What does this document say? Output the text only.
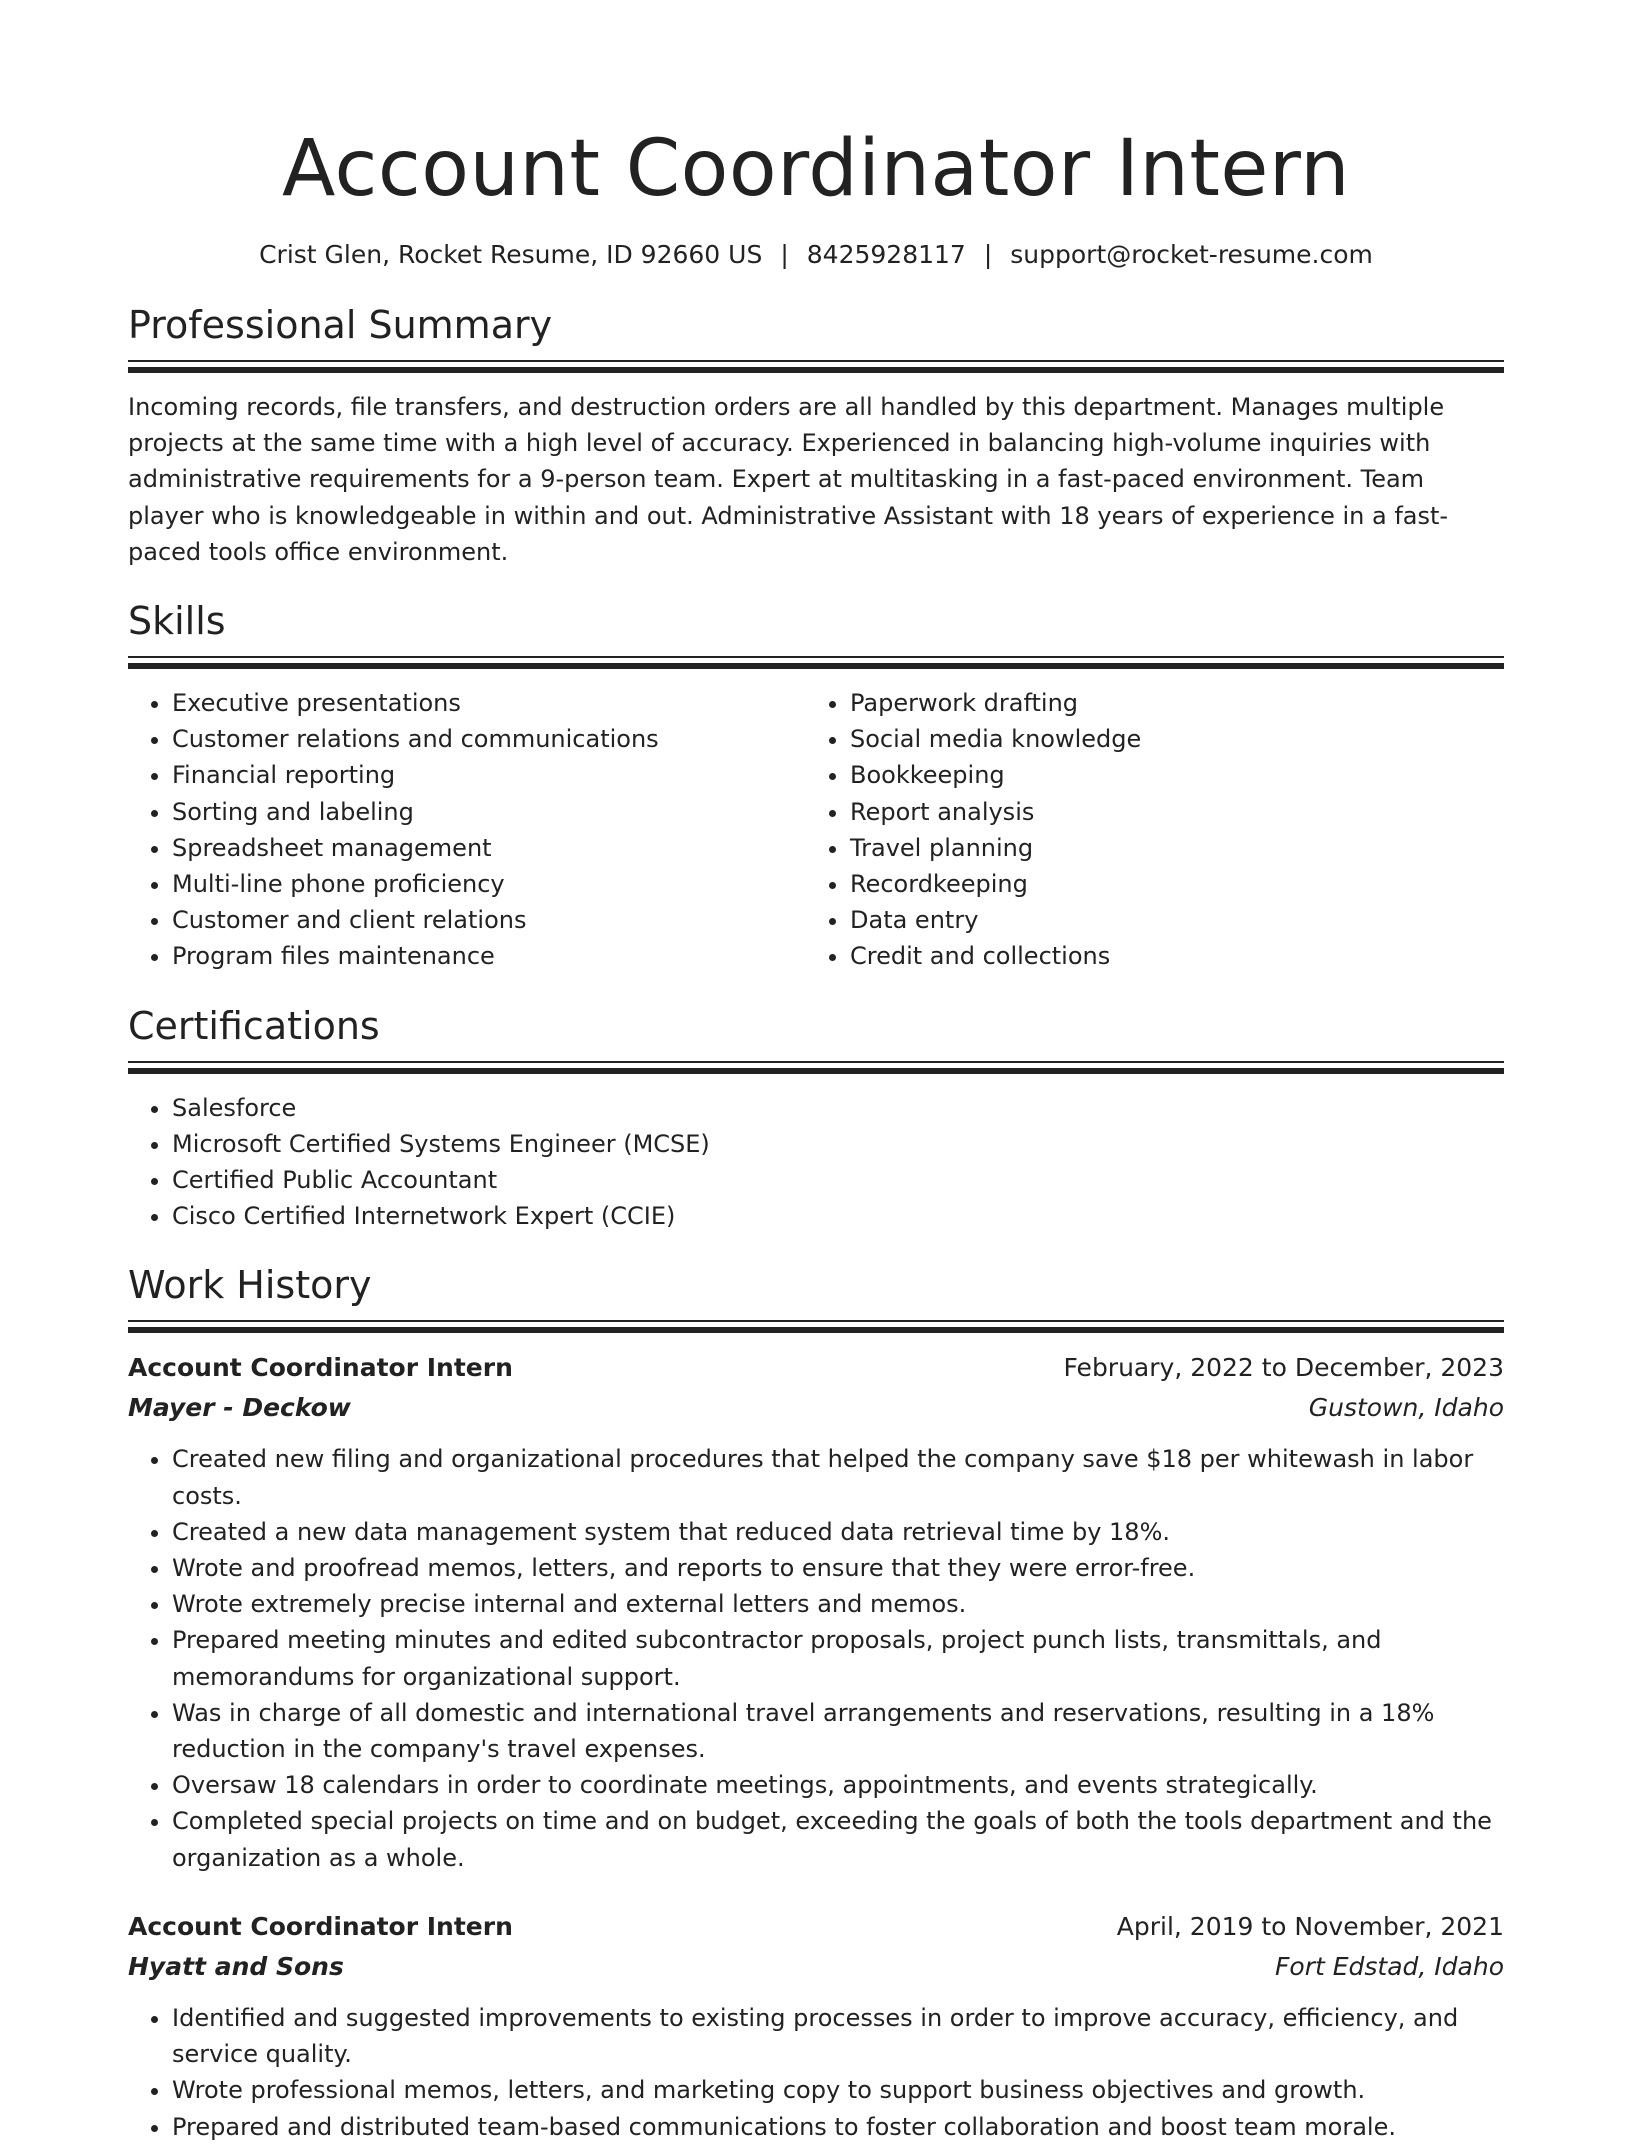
Account Coordinator Intern
Crist Glen, Rocket Resume, ID 92660 US | 8425928117 | support@rocket-resume.com
Professional Summary

Incoming records, file transfers, and destruction orders are all handled by this department. Manages multiple projects at the same time with a high level of accuracy. Experienced in balancing high-volume inquiries with administrative requirements for a 9-person team. Expert at multitasking in a fast-paced environment. Team player who is knowledgeable in within and out. Administrative Assistant with 18 years of experience in a fast-paced tools office environment.

Skills
• Executive presentations
• Customer relations and communications
• Financial reporting
• Sorting and labeling
• Spreadsheet management
• Multi-line phone proficiency
• Customer and client relations
• Program files maintenance
• Paperwork drafting
• Social media knowledge
• Bookkeeping
• Report analysis
• Travel planning
• Recordkeeping
• Data entry
• Credit and collections
Certifications
• Salesforce
• Microsoft Certified Systems Engineer (MCSE)
• Certified Public Accountant
• Cisco Certified Internetwork Expert (CCIE)
Work History
Account Coordinator Intern	February, 2022 to December, 2023
Mayer - Deckow	Gustown, Idaho
• Created new filing and organizational procedures that helped the company save $18 per whitewash in labor costs.
• Created a new data management system that reduced data retrieval time by 18%.
• Wrote and proofread memos, letters, and reports to ensure that they were error-free.
• Wrote extremely precise internal and external letters and memos.
• Prepared meeting minutes and edited subcontractor proposals, project punch lists, transmittals, and memorandums for organizational support.
• Was in charge of all domestic and international travel arrangements and reservations, resulting in a 18% reduction in the company's travel expenses.
• Oversaw 18 calendars in order to coordinate meetings, appointments, and events strategically.
• Completed special projects on time and on budget, exceeding the goals of both the tools department and the organization as a whole.
Account Coordinator Intern	April, 2019 to November, 2021
Hyatt and Sons	Fort Edstad, Idaho
• Identified and suggested improvements to existing processes in order to improve accuracy, efficiency, and service quality.
• Wrote professional memos, letters, and marketing copy to support business objectives and growth.
• Prepared and distributed team-based communications to foster collaboration and boost team morale.
